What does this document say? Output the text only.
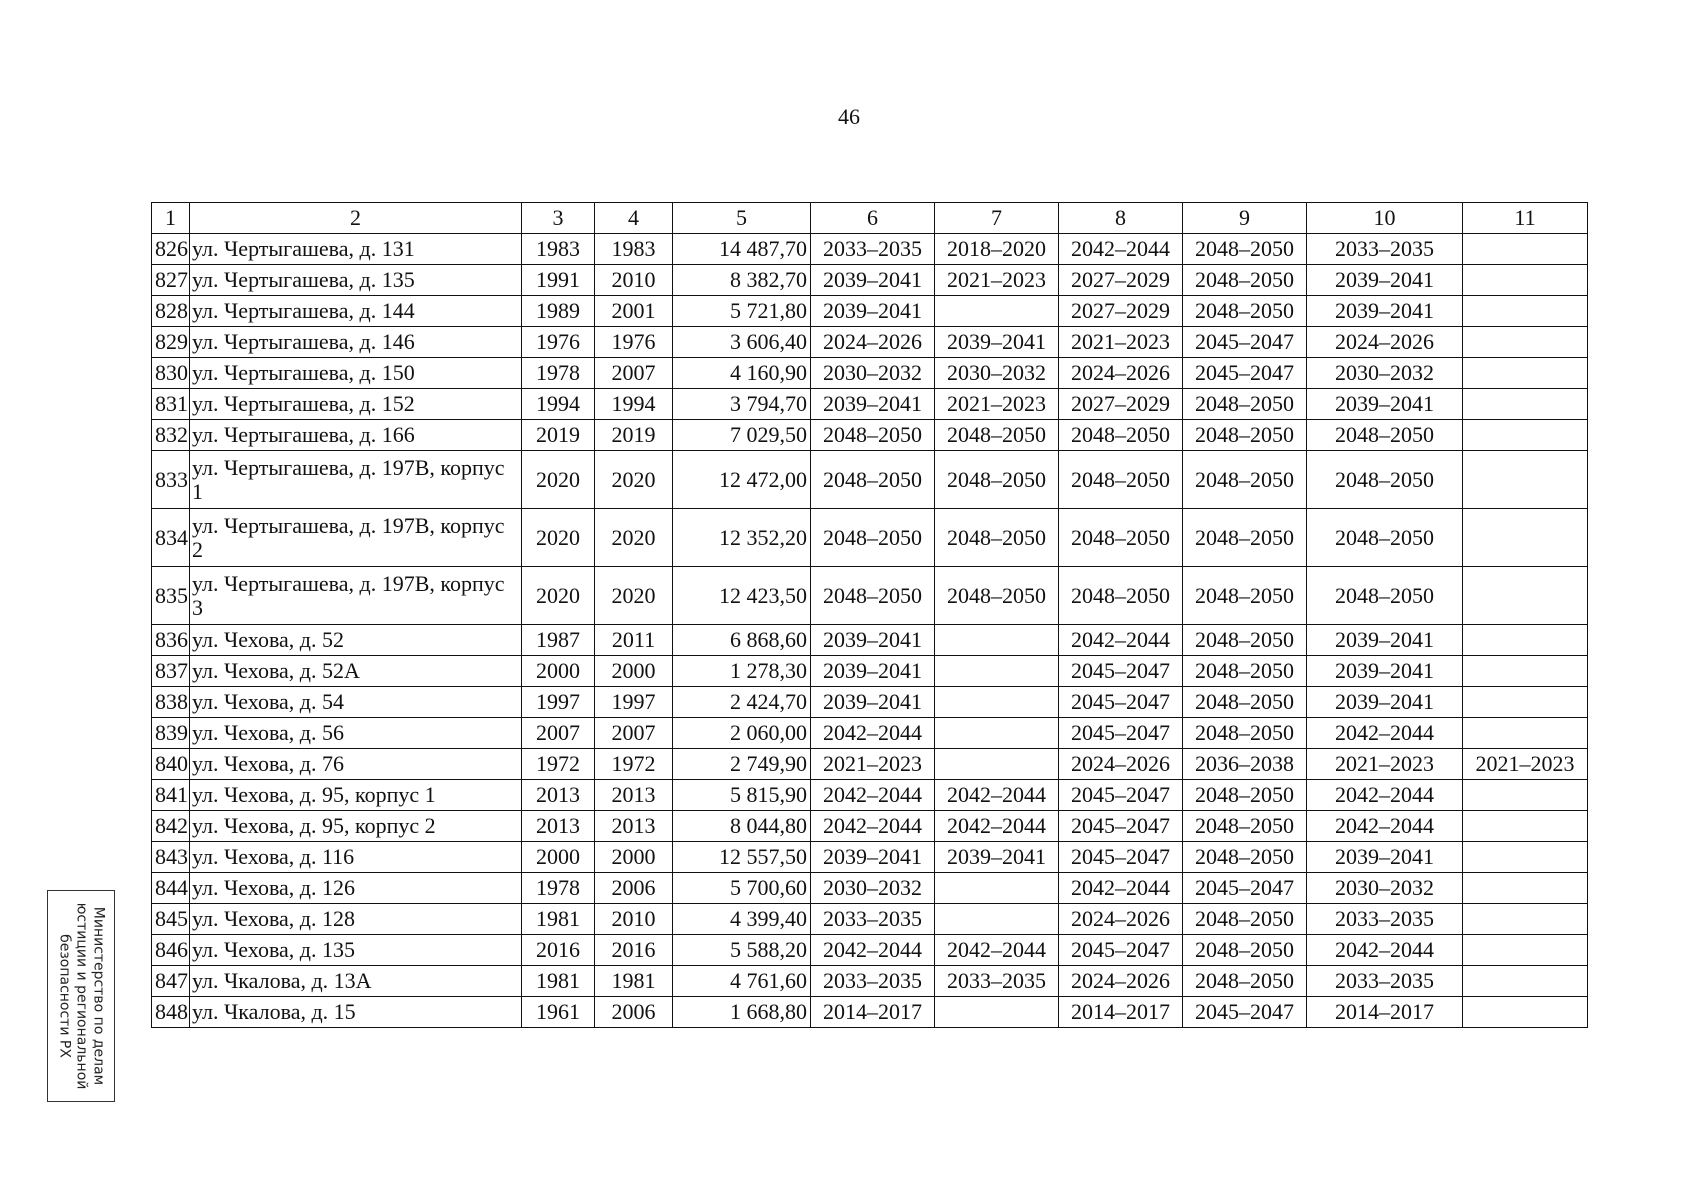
46
1	2	3	4	5	6	7	8	9	10	11
826	ул. Чертыгашева, д. 131	1983	1983	14 487,70	2033–2035	2018–2020	2042–2044	2048–2050	2033–2035	
827	ул. Чертыгашева, д. 135	1991	2010	8 382,70	2039–2041	2021–2023	2027–2029	2048–2050	2039–2041	
828	ул. Чертыгашева, д. 144	1989	2001	5 721,80	2039–2041		2027–2029	2048–2050	2039–2041	
829	ул. Чертыгашева, д. 146	1976	1976	3 606,40	2024–2026	2039–2041	2021–2023	2045–2047	2024–2026	
830	ул. Чертыгашева, д. 150	1978	2007	4 160,90	2030–2032	2030–2032	2024–2026	2045–2047	2030–2032	
831	ул. Чертыгашева, д. 152	1994	1994	3 794,70	2039–2041	2021–2023	2027–2029	2048–2050	2039–2041	
832	ул. Чертыгашева, д. 166	2019	2019	7 029,50	2048–2050	2048–2050	2048–2050	2048–2050	2048–2050	
833	ул. Чертыгашева, д. 197В, корпус 1	2020	2020	12 472,00	2048–2050	2048–2050	2048–2050	2048–2050	2048–2050	
834	ул. Чертыгашева, д. 197В, корпус 2	2020	2020	12 352,20	2048–2050	2048–2050	2048–2050	2048–2050	2048–2050	
835	ул. Чертыгашева, д. 197В, корпус 3	2020	2020	12 423,50	2048–2050	2048–2050	2048–2050	2048–2050	2048–2050	
836	ул. Чехова, д. 52	1987	2011	6 868,60	2039–2041		2042–2044	2048–2050	2039–2041	
837	ул. Чехова, д. 52А	2000	2000	1 278,30	2039–2041		2045–2047	2048–2050	2039–2041	
838	ул. Чехова, д. 54	1997	1997	2 424,70	2039–2041		2045–2047	2048–2050	2039–2041	
839	ул. Чехова, д. 56	2007	2007	2 060,00	2042–2044		2045–2047	2048–2050	2042–2044	
840	ул. Чехова, д. 76	1972	1972	2 749,90	2021–2023		2024–2026	2036–2038	2021–2023	2021–2023
841	ул. Чехова, д. 95, корпус 1	2013	2013	5 815,90	2042–2044	2042–2044	2045–2047	2048–2050	2042–2044	
842	ул. Чехова, д. 95, корпус 2	2013	2013	8 044,80	2042–2044	2042–2044	2045–2047	2048–2050	2042–2044	
843	ул. Чехова, д. 116	2000	2000	12 557,50	2039–2041	2039–2041	2045–2047	2048–2050	2039–2041	
844	ул. Чехова, д. 126	1978	2006	5 700,60	2030–2032		2042–2044	2045–2047	2030–2032	
845	ул. Чехова, д. 128	1981	2010	4 399,40	2033–2035		2024–2026	2048–2050	2033–2035	
846	ул. Чехова, д. 135	2016	2016	5 588,20	2042–2044	2042–2044	2045–2047	2048–2050	2042–2044	
847	ул. Чкалова, д. 13А	1981	1981	4 761,60	2033–2035	2033–2035	2024–2026	2048–2050	2033–2035	
848	ул. Чкалова, д. 15	1961	2006	1 668,80	2014–2017		2014–2017	2045–2047	2014–2017	
Министерство по делам
юстиции и региональной
безопасности РХ
